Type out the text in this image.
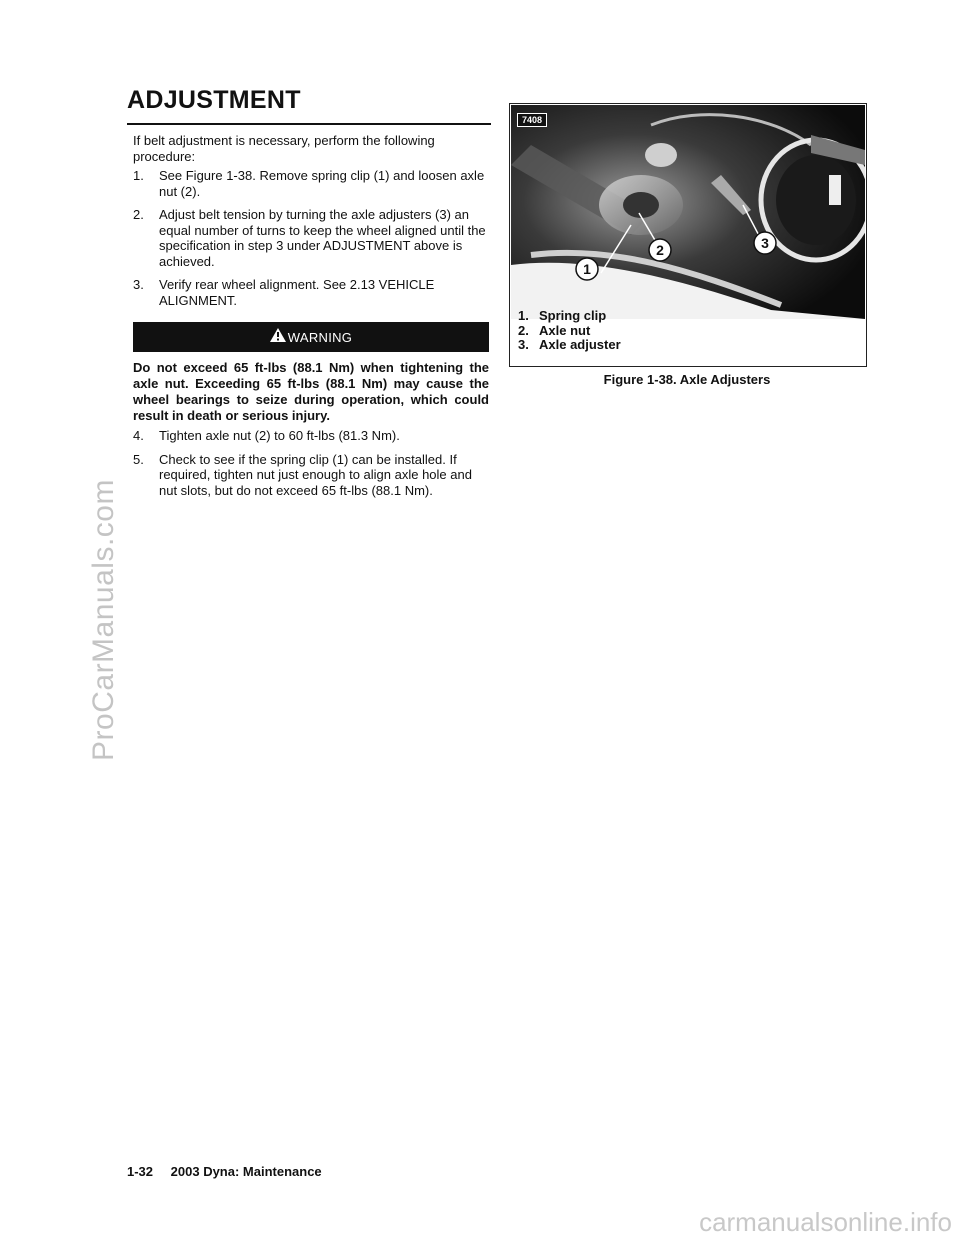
ProCarManuals.com
carmanualsonline.info
ADJUSTMENT

If belt adjustment is necessary, perform the following procedure:

1. See Figure 1-38. Remove spring clip (1) and loosen axle nut (2).
2. Adjust belt tension by turning the axle adjusters (3) an equal number of turns to keep the wheel aligned until the specification in step 3 under ADJUSTMENT above is achieved.
3. Verify rear wheel alignment. See 2.13 VEHICLE ALIGNMENT.
WARNING

Do not exceed 65 ft-lbs (88.1 Nm) when tightening the axle nut. Exceeding 65 ft-lbs (88.1 Nm) may cause the wheel bearings to seize during operation, which could result in death or serious injury.

4. Tighten axle nut (2) to 60 ft-lbs (81.3 Nm).
5. Check to see if the spring clip (1) can be installed. If required, tighten nut just enough to align axle hole and nut slots, but do not exceed 65 ft-lbs (88.1 Nm).
1
2	3
7408
1. Spring clip
2. Axle nut
3. Axle adjuster
Figure 1-38. Axle Adjusters
1-32 2003 Dyna: Maintenance
